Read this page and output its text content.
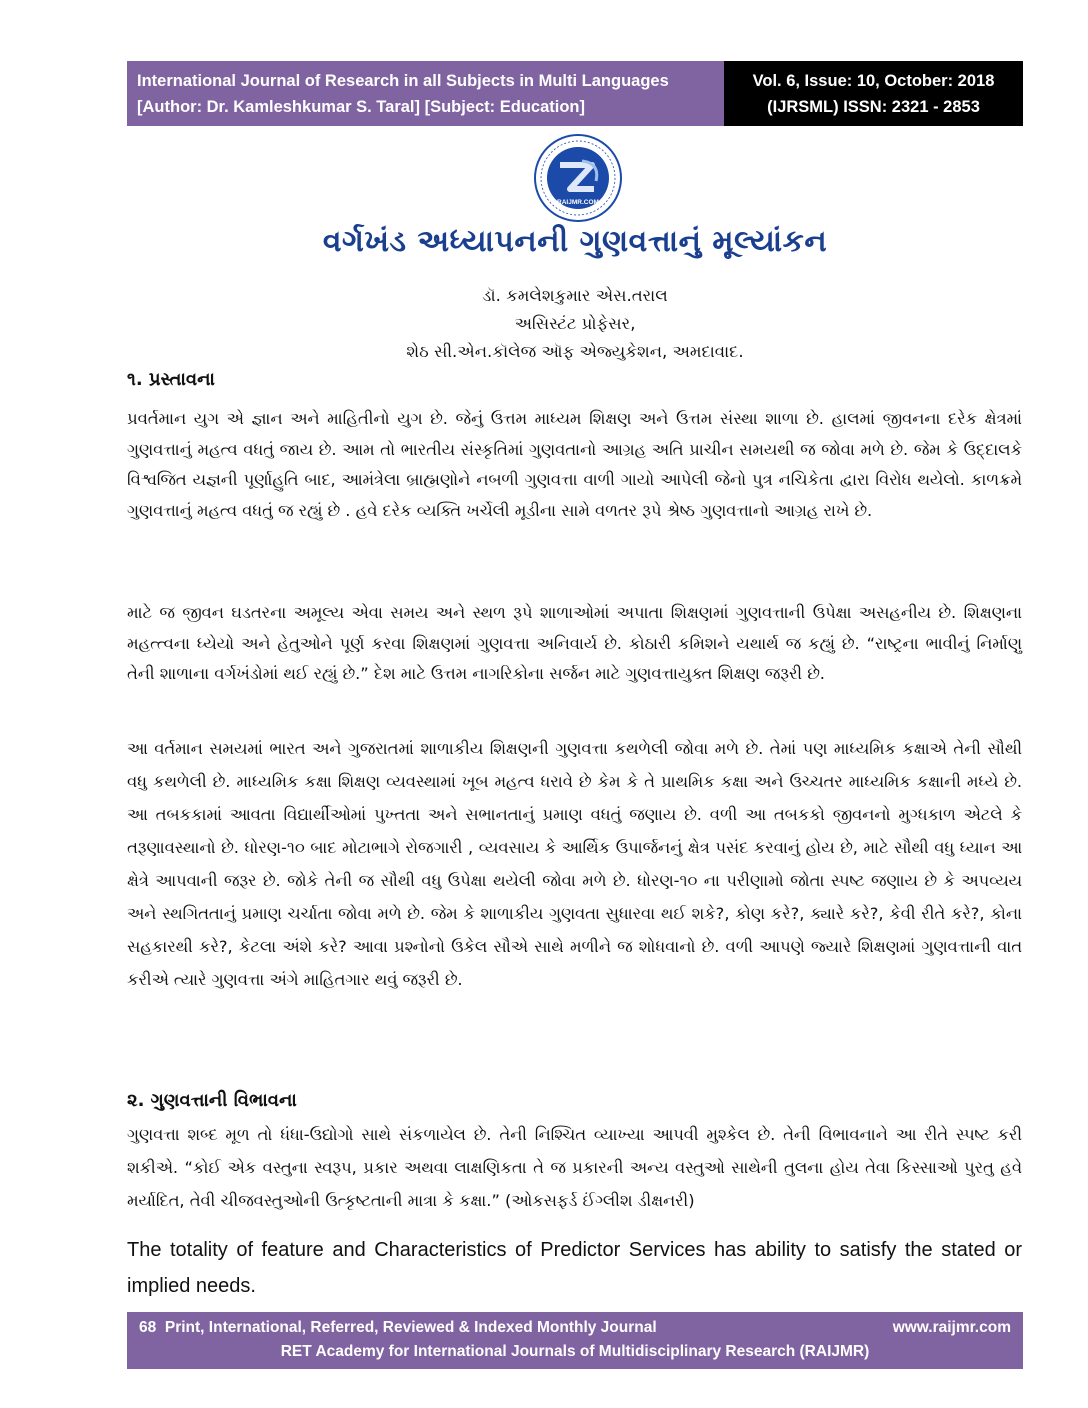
International Journal of Research in all Subjects in Multi Languages
[Author: Dr. Kamleshkumar S. Taral] [Subject: Education]
Vol. 6, Issue: 10, October: 2018
(IJRSML) ISSN: 2321 - 2853
RAIJMR.COM
વર્ગખંડ અધ્યાપનની ગુણવત્તાનું મૂલ્યાંકન
ડૉ. કમલેશકુમાર એસ.તરાલ
અસિસ્ટંટ પ્રોફેસર,
શેઠ સી.એન.કૉલેજ ઑફ એજ્યુકેશન, અમદાવાદ.
૧. પ્રસ્તાવના

પ્રવર્તમાન યુગ એ જ્ઞાન અને માહિતીનો યુગ છે. જેનું ઉત્તમ માધ્યમ શિક્ષણ અને ઉત્તમ સંસ્થા શાળા છે. હાલમાં જીવનના દરેક ક્ષેત્રમાં ગુણવત્તાનું મહત્વ વધતું જાય છે. આમ તો ભારતીય સંસ્કૃતિમાં ગુણવતાનો આગ્રહ અતિ પ્રાચીન સમયથી જ જોવા મળે છે. જેમ કે ઉદ્દાલકે વિશ્વજિત યજ્ઞની પૂર્ણાહુતિ બાદ, આમંત્રેલા બ્રાહ્મણોને નબળી ગુણવત્તા વાળી ગાયો આપેલી જેનો પુત્ર નચિકેતા દ્વારા વિરોધ થયેલો. કાળક્રમે ગુણવત્તાનું મહત્વ વધતું જ રહ્યું છે . હવે દરેક વ્યક્તિ ખર્ચેલી મૂડીના સામે વળતર રૂપે શ્રેષ્ઠ ગુણવત્તાનો આગ્રહ રાખે છે.

માટે જ જીવન ઘડતરના અમૂલ્ય એવા સમય અને સ્થળ રૂપે શાળાઓમાં અપાતા શિક્ષણમાં ગુણવત્તાની ઉપેક્ષા અસહનીય છે. શિક્ષણના મહત્ત્વના ધ્યેયો અને હેતુઓને પૂર્ણ કરવા શિક્ષણમાં ગુણવત્તા અનિવાર્ય છે. કોઠારી કમિશને યથાર્થ જ કહ્યું છે. “રાષ્ટ્રના ભાવીનું નિર્માણુ તેની શાળાના વર્ગખંડોમાં થઈ રહ્યું છે.” દેશ માટે ઉત્તમ નાગરિકોના સર્જન માટે ગુણવત્તાયુક્ત શિક્ષણ જરૂરી છે.

આ વર્તમાન સમયમાં ભારત અને ગુજરાતમાં શાળાકીય શિક્ષણની ગુણવત્તા કથળેલી જોવા મળે છે. તેમાં પણ માધ્યમિક કક્ષાએ તેની સૌથી વધુ કથળેલી છે. માધ્યમિક કક્ષા શિક્ષણ વ્યવસ્થામાં ખૂબ મહત્વ ધરાવે છે કેમ કે તે પ્રાથમિક કક્ષા અને ઉચ્ચતર માધ્યમિક કક્ષાની મધ્યે છે. આ તબકકામાં આવતા વિદ્યાર્થીઓમાં પુખ્તતા અને સભાનતાનું પ્રમાણ વધતું જણાય છે. વળી આ તબકકો જીવનનો મુગ્ધકાળ એટલે કે તરૂણાવસ્થાનો છે. ધોરણ-૧૦ બાદ મોટાભાગે રોજગારી , વ્યવસાય કે આર્થિક ઉપાર્જનનું ક્ષેત્ર પસંદ કરવાનું હોય છે, માટે સૌથી વધુ ધ્યાન આ ક્ષેત્રે આપવાની જરૂર છે. જોકે તેની જ સૌથી વધુ ઉપેક્ષા થયેલી જોવા મળે છે. ધોરણ-૧૦ ના પરીણામો જોતા સ્પષ્ટ જણાય છે કે અપવ્યય અને સ્થગિતતાનું પ્રમાણ ચર્ચાતા જોવા મળે છે. જેમ કે શાળાકીય ગુણવતા સુધારવા થઈ શકે?, કોણ કરે?, ક્યારે કરે?, કેવી રીતે કરે?, કોના સહકારથી કરે?, કેટલા અંશે કરે? આવા પ્રશ્નોનો ઉકેલ સૌએ સાથે મળીને જ શોધવાનો છે. વળી આપણે જ્યારે શિક્ષણમાં ગુણવત્તાની વાત કરીએ ત્યારે ગુણવત્તા અંગે માહિતગાર થવું જરૂરી છે.

૨. ગુણવત્તાની વિભાવના

ગુણવત્તા શબ્દ મૂળ તો ધંધા-ઉદ્યોગો સાથે સંકળાયેલ છે. તેની નિશ્ચિત વ્યાખ્યા આપવી મુશ્કેલ છે. તેની વિભાવનાને આ રીતે સ્પષ્ટ કરી શકીએ. “કોઈ એક વસ્તુના સ્વરૂપ, પ્રકાર અથવા લાક્ષણિકતા તે જ પ્રકારની અન્ય વસ્તુઓ સાથેની તુલના હોય તેવા કિસ્સાઓ પુરતુ હવે મર્યાદિત, તેવી ચીજવસ્તુઓની ઉત્કૃષ્ટતાની માત્રા કે કક્ષા.” (ઓકસફર્ડ ઈંગ્લીશ ડીક્ષનરી)

The totality of feature and Characteristics of Predictor Services has ability to satisfy the stated or implied needs.

68 Print, International, Referred, Reviewed & Indexed Monthly Journal	www.raijmr.com
RET Academy for International Journals of Multidisciplinary Research (RAIJMR)
